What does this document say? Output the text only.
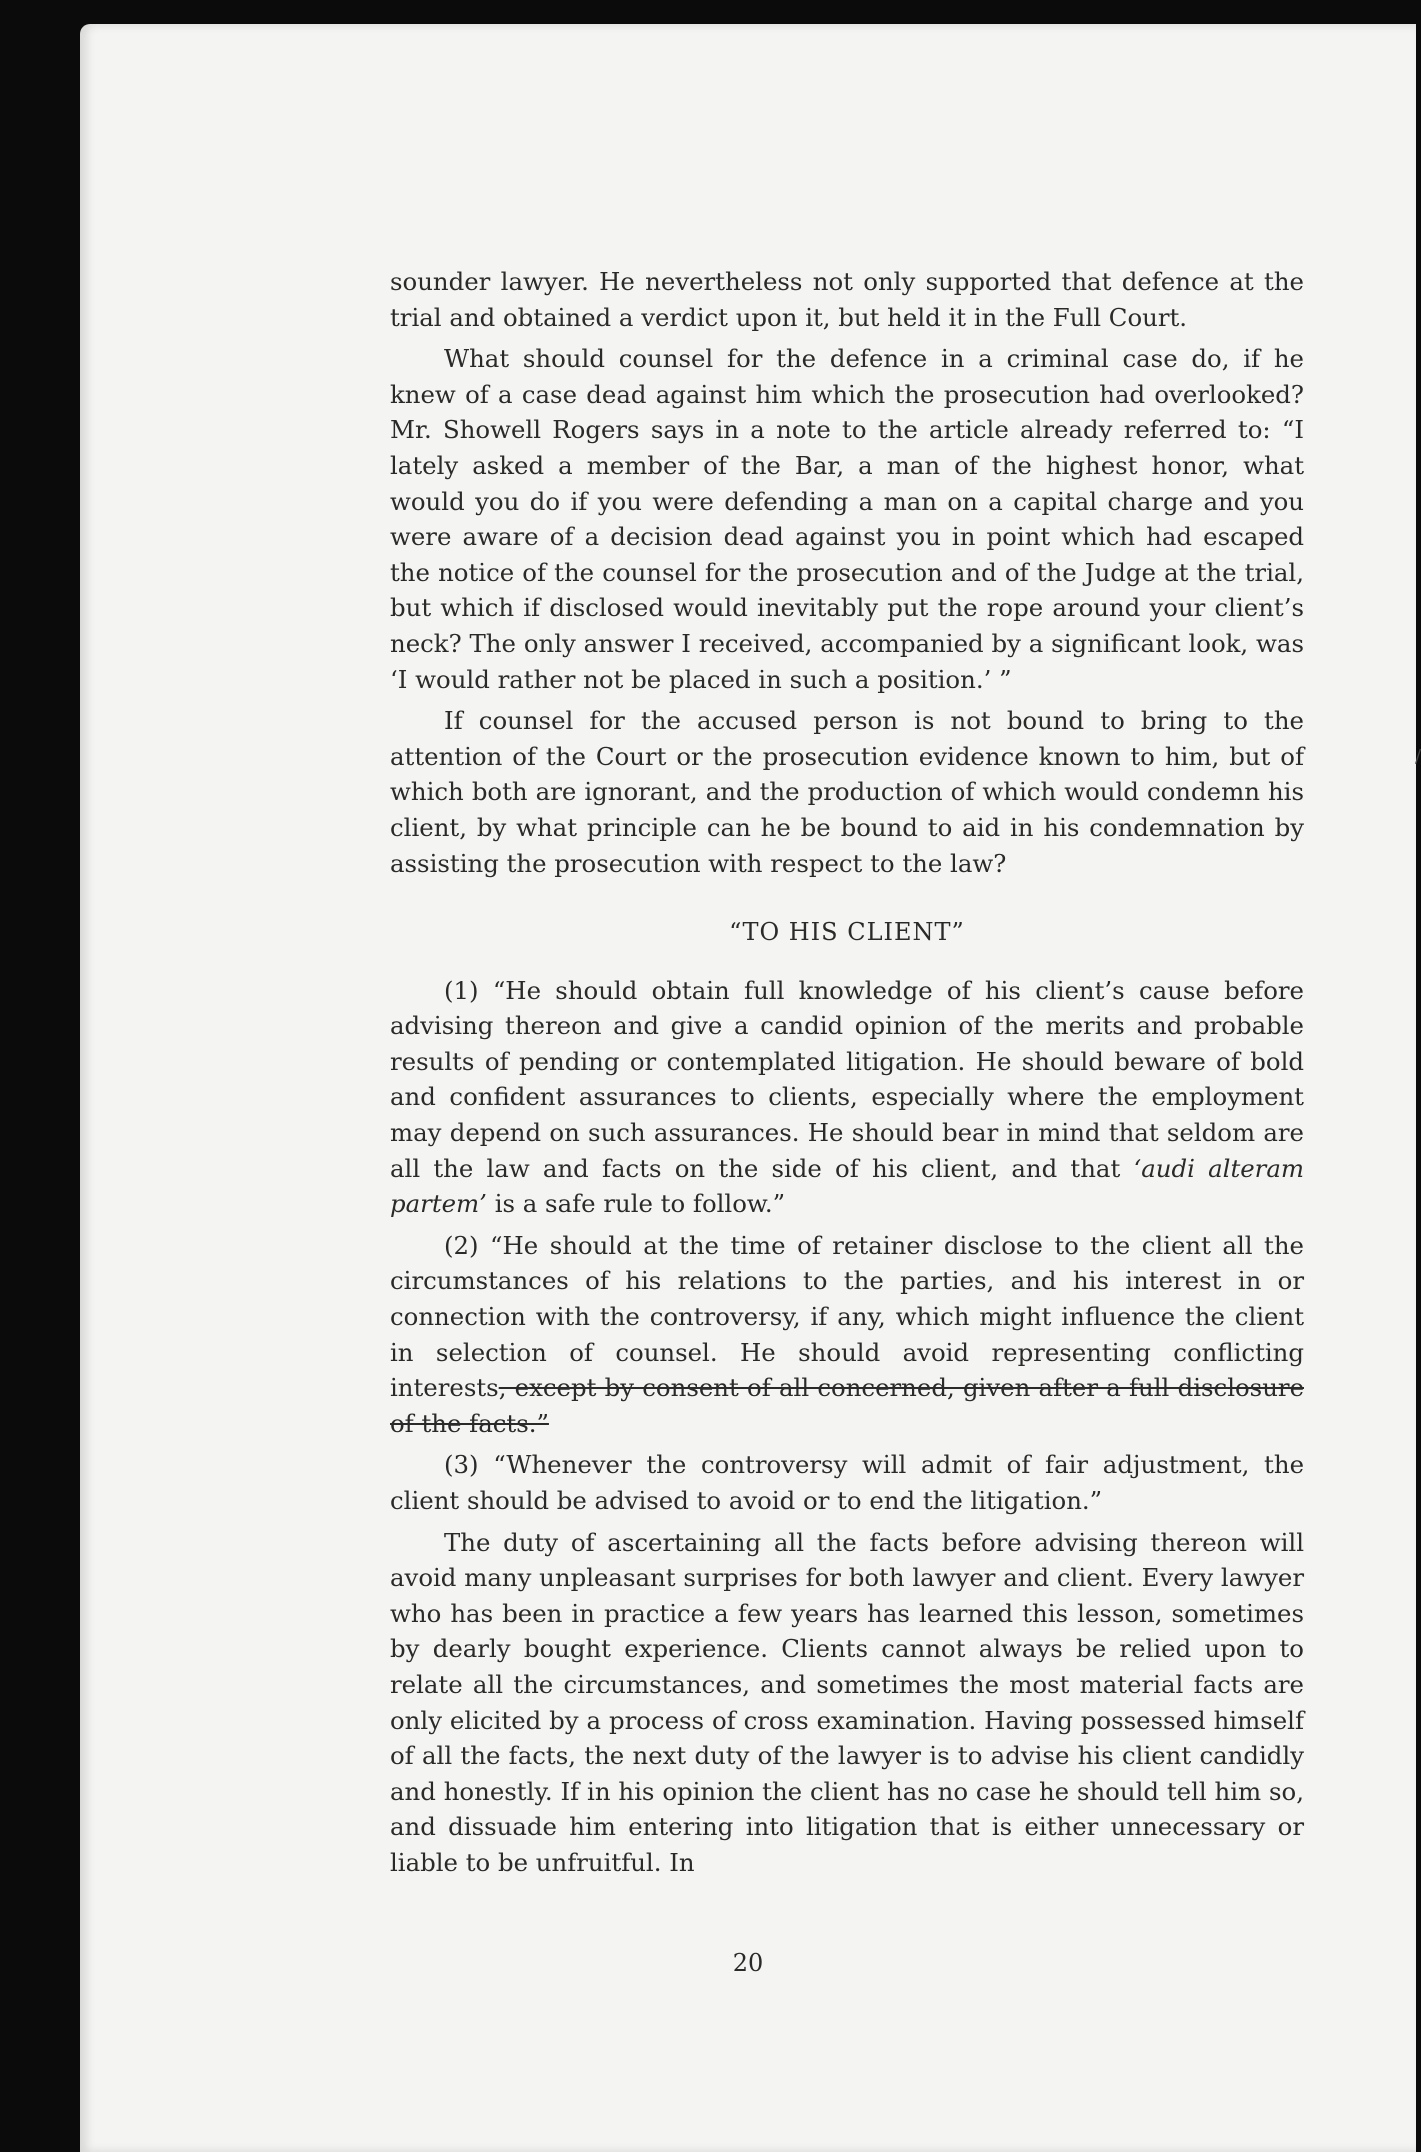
sounder lawyer. He nevertheless not only supported that defence at the trial and obtained a verdict upon it, but held it in the Full Court.

What should counsel for the defence in a criminal case do, if he knew of a case dead against him which the prosecution had overlooked? Mr. Showell Rogers says in a note to the article already referred to: “I lately asked a member of the Bar, a man of the highest honor, what would you do if you were defending a man on a capital charge and you were aware of a decision dead against you in point which had escaped the notice of the counsel for the prosecution and of the Judge at the trial, but which if disclosed would inevitably put the rope around your client’s neck? The only answer I received, accompanied by a significant look, was ‘I would rather not be placed in such a position.’ ”

If counsel for the accused person is not bound to bring to the attention of the Court or the prosecution evidence known to him, but of which both are ignorant, and the production of which would condemn his client, by what principle can he be bound to aid in his condemnation by assisting the prosecution with respect to the law?

“TO HIS CLIENT”

(1) “He should obtain full knowledge of his client’s cause before advising thereon and give a candid opinion of the merits and probable results of pending or contemplated litigation. He should beware of bold and confident assurances to clients, especially where the employment may depend on such assurances. He should bear in mind that seldom are all the law and facts on the side of his client, and that ‘audi alteram partem’ is a safe rule to follow.”

(2) “He should at the time of retainer disclose to the client all the circumstances of his relations to the parties, and his interest in or connection with the controversy, if any, which might influence the client in selection of counsel. He should avoid representing conflicting interests, except by consent of all concerned, given after a full disclosure of the facts.”

(3) “Whenever the controversy will admit of fair adjustment, the client should be advised to avoid or to end the litigation.”

The duty of ascertaining all the facts before advising thereon will avoid many unpleasant surprises for both lawyer and client. Every lawyer who has been in practice a few years has learned this lesson, sometimes by dearly bought experience. Clients cannot always be relied upon to relate all the circumstances, and sometimes the most material facts are only elicited by a process of cross examination. Having possessed himself of all the facts, the next duty of the lawyer is to advise his client candidly and honestly. If in his opinion the client has no case he should tell him so, and dissuade him entering into litigation that is either unnecessary or liable to be unfruitful. In

20
/
